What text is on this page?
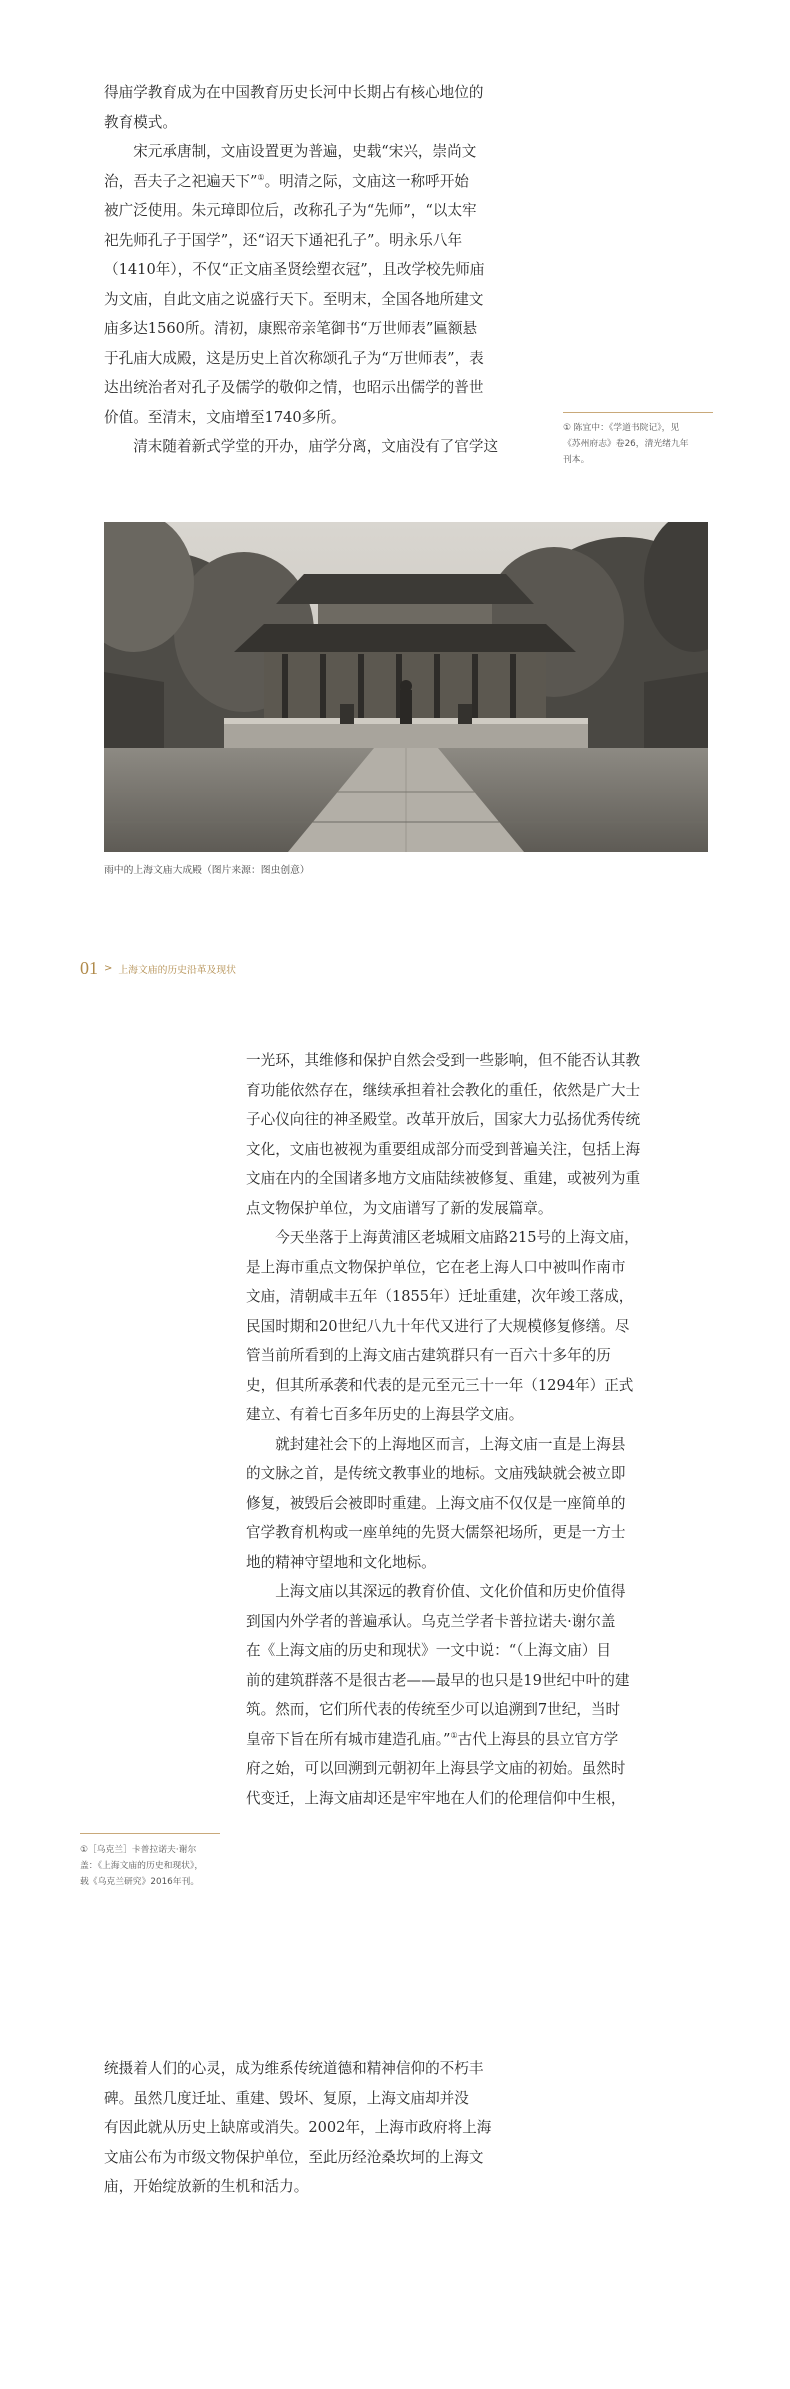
得庙学教育成为在中国教育历史长河中长期占有核心地位的
教育模式。
　　宋元承唐制，文庙设置更为普遍，史载“宋兴，崇尚文
治，吾夫子之祀遍天下”①。明清之际，文庙这一称呼开始
被广泛使用。朱元璋即位后，改称孔子为“先师”，“以太牢
祀先师孔子于国学”，还“诏天下通祀孔子”。明永乐八年
（1410年），不仅“正文庙圣贤绘塑衣冠”，且改学校先师庙
为文庙，自此文庙之说盛行天下。至明末，全国各地所建文
庙多达1560所。清初，康熙帝亲笔御书“万世师表”匾额悬
于孔庙大成殿，这是历史上首次称颂孔子为“万世师表”，表
达出统治者对孔子及儒学的敬仰之情，也昭示出儒学的普世
价值。至清末，文庙增至1740多所。
　　清末随着新式学堂的开办，庙学分离，文庙没有了官学这
① 陈宜中：《学道书院记》，见
《苏州府志》卷26，清光绪九年
刊本。
雨中的上海文庙大成殿（图片来源：图虫创意）
01 > 上海文庙的历史沿革及现状
一光环，其维修和保护自然会受到一些影响，但不能否认其教
育功能依然存在，继续承担着社会教化的重任，依然是广大士
子心仪向往的神圣殿堂。改革开放后，国家大力弘扬优秀传统
文化，文庙也被视为重要组成部分而受到普遍关注，包括上海
文庙在内的全国诸多地方文庙陆续被修复、重建，或被列为重
点文物保护单位，为文庙谱写了新的发展篇章。
　　今天坐落于上海黄浦区老城厢文庙路215号的上海文庙，
是上海市重点文物保护单位，它在老上海人口中被叫作南市
文庙，清朝咸丰五年（1855年）迁址重建，次年竣工落成，
民国时期和20世纪八九十年代又进行了大规模修复修缮。尽
管当前所看到的上海文庙古建筑群只有一百六十多年的历
史，但其所承袭和代表的是元至元三十一年（1294年）正式
建立、有着七百多年历史的上海县学文庙。
　　就封建社会下的上海地区而言，上海文庙一直是上海县
的文脉之首，是传统文教事业的地标。文庙残缺就会被立即
修复，被毁后会被即时重建。上海文庙不仅仅是一座简单的
官学教育机构或一座单纯的先贤大儒祭祀场所，更是一方士
地的精神守望地和文化地标。
　　上海文庙以其深远的教育价值、文化价值和历史价值得
到国内外学者的普遍承认。乌克兰学者卡普拉诺夫·谢尔盖
在《上海文庙的历史和现状》一文中说：“（上海文庙）目
前的建筑群落不是很古老——最早的也只是19世纪中叶的建
筑。然而，它们所代表的传统至少可以追溯到7世纪，当时
皇帝下旨在所有城市建造孔庙。”①古代上海县的县立官方学
府之始，可以回溯到元朝初年上海县学文庙的初始。虽然时
代变迁，上海文庙却还是牢牢地在人们的伦理信仰中生根，
①［乌克兰］卡普拉诺夫·谢尔
盖：《上海文庙的历史和现状》，
载《乌克兰研究》2016年刊。
统摄着人们的心灵，成为维系传统道德和精神信仰的不朽丰
碑。虽然几度迁址、重建、毁坏、复原，上海文庙却并没
有因此就从历史上缺席或消失。2002年，上海市政府将上海
文庙公布为市级文物保护单位，至此历经沧桑坎坷的上海文
庙，开始绽放新的生机和活力。
